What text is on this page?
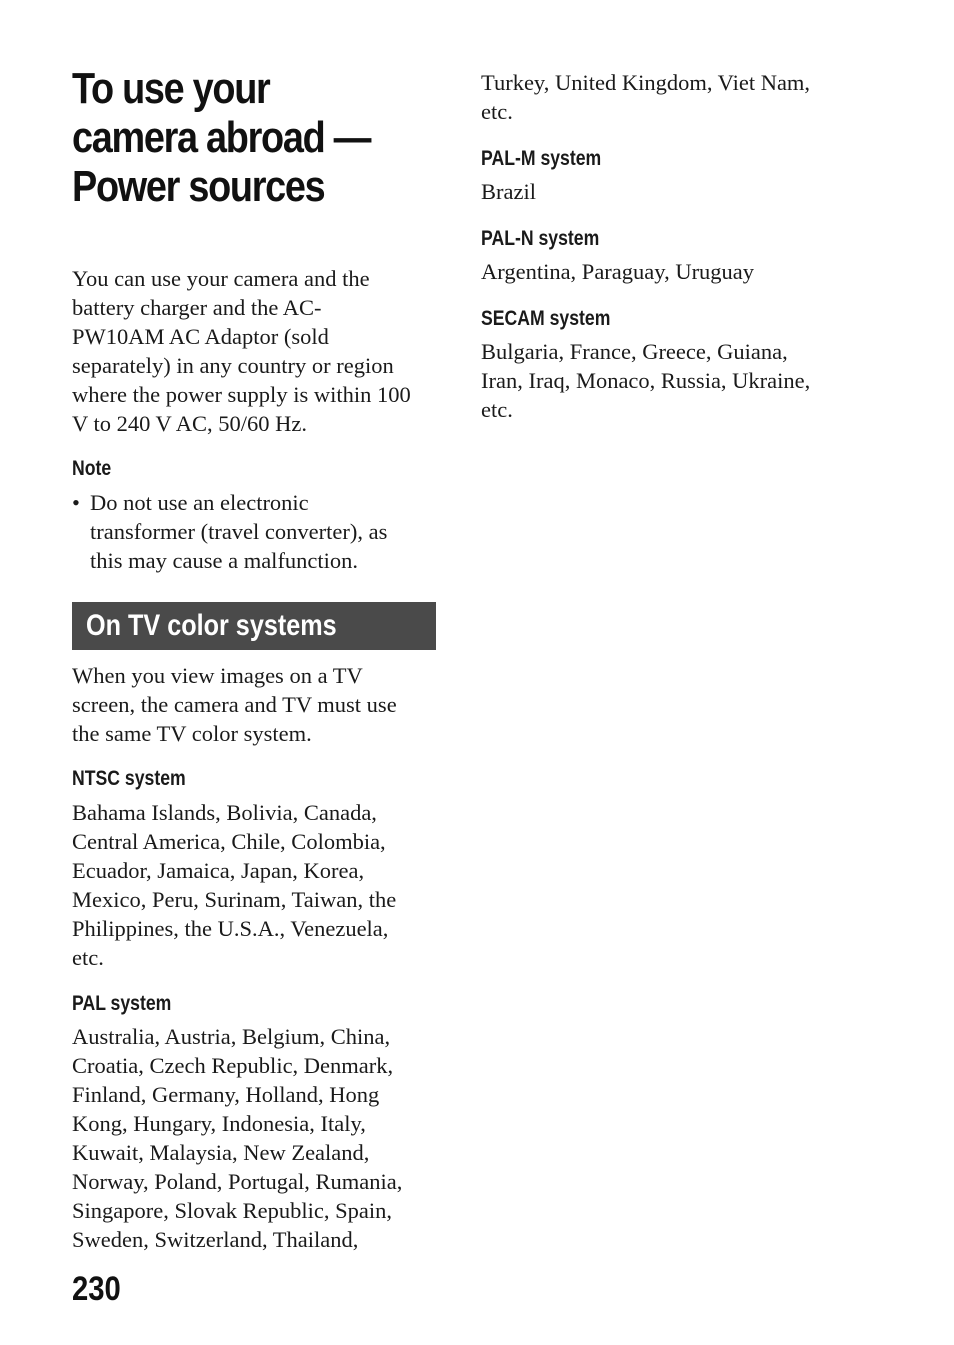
To use your
camera abroad —
Power sources
You can use your camera and the
battery charger and the AC-
PW10AM AC Adaptor (sold
separately) in any country or region
where the power supply is within 100
V to 240 V AC, 50/60 Hz.
Note
• Do not use an electronic
transformer (travel converter), as
this may cause a malfunction.
On TV color systems
When you view images on a TV
screen, the camera and TV must use
the same TV color system.
NTSC system
Bahama Islands, Bolivia, Canada,
Central America, Chile, Colombia,
Ecuador, Jamaica, Japan, Korea,
Mexico, Peru, Surinam, Taiwan, the
Philippines, the U.S.A., Venezuela,
etc.
PAL system
Australia, Austria, Belgium, China,
Croatia, Czech Republic, Denmark,
Finland, Germany, Holland, Hong
Kong, Hungary, Indonesia, Italy,
Kuwait, Malaysia, New Zealand,
Norway, Poland, Portugal, Rumania,
Singapore, Slovak Republic, Spain,
Sweden, Switzerland, Thailand,
230
Turkey, United Kingdom, Viet Nam,
etc.
PAL-M system
Brazil
PAL-N system
Argentina, Paraguay, Uruguay
SECAM system
Bulgaria, France, Greece, Guiana,
Iran, Iraq, Monaco, Russia, Ukraine,
etc.
